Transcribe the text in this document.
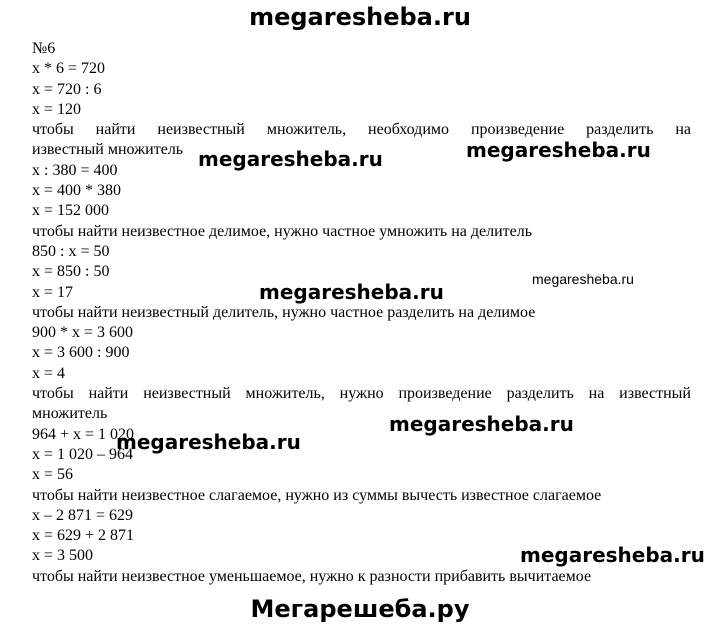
megaresheba.ru
№6
x * 6 = 720
x = 720 : 6
x = 120
чтобы найти неизвестный множитель, необходимо произведение разделить на
известный множитель
x : 380 = 400
x = 400 * 380
x = 152 000
чтобы найти неизвестное делимое, нужно частное умножить на делитель
850 : x = 50
x = 850 : 50
x = 17
чтобы найти неизвестный делитель, нужно частное разделить на делимое
900 * x = 3 600
x = 3 600 : 900
x = 4
чтобы найти неизвестный множитель, нужно произведение разделить на известный
множитель
964 + x = 1 020
x = 1 020 – 964
x = 56
чтобы найти неизвестное слагаемое, нужно из суммы вычесть известное слагаемое
x – 2 871 = 629
x = 629 + 2 871
x = 3 500
чтобы найти неизвестное уменьшаемое, нужно к разности прибавить вычитаемое
megaresheba.ru	megaresheba.ru
megaresheba.ru
megaresheba.ru
megaresheba.ru
megaresheba.ru
megaresheba.ru
Мегарешеба.ру
